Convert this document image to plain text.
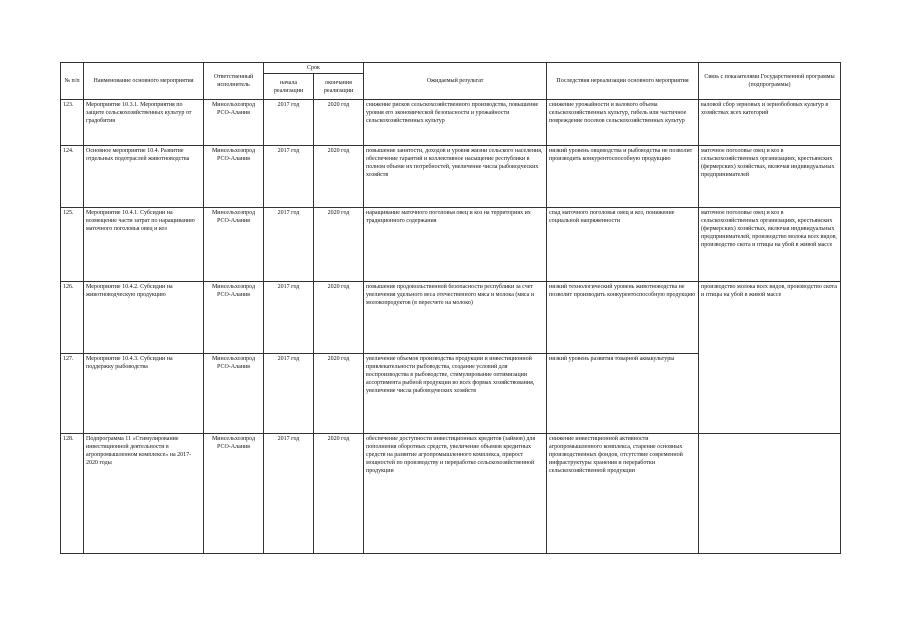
№ п/п	Наименование основного мероприятия	Ответственный исполнитель	Срок		Ожидаемый результат	Последствия нереализации основного мероприятия	Связь с показателями Государственной программы (подпрограммы)
			начала реализации	окончания реализации			
123.	Мероприятие 10.3.1. Мероприятия по защите сельскохозяйственных культур от градобития	Минсельхозпрод РСО-Алания	2017 год	2020 год	снижение рисков сельскохозяйственного производства, повышение уровня его экономической безопасности и урожайности сельскохозяйственных культур	снижение урожайности и валового объема сельскохозяйственных культур, гибель или частичное повреждение посевов сельскохозяйственных культур	валовой сбор зерновых и зернобобовых культур в хозяйствах всех категорий
124.	Основное мероприятие 10.4. Развитие отдельных подотраслей животноводства	Минсельхозпрод РСО-Алания	2017 год	2020 год	повышение занятости, доходов и уровня жизни сельского населения, обеспечение гарантий и коллективное насыщение республики в полном объеме их потребностей, увеличение числа рыбоводческих хозяйств	низкий уровень овцеводства и рыбоводства не позволит производить конкурентоспособную продукцию	маточное поголовье овец и коз в сельскохозяйственных организациях, крестьянских (фермерских) хозяйствах, включая индивидуальных предпринимателей
125.	Мероприятие 10.4.1. Субсидии на возмещение части затрат по наращиванию маточного поголовья овец и коз	Минсельхозпрод РСО-Алания	2017 год	2020 год	наращивание маточного поголовья овец и коз на территориях их традиционного содержания	спад маточного поголовья овец и коз, понижение социальной напряженности	маточное поголовье овец и коз в сельскохозяйственных организациях, крестьянских (фермерских) хозяйствах, включая индивидуальных предпринимателей, производство молока всех видов, производство скота и птицы на убой в живой массе
126.	Мероприятие 10.4.2. Субсидии на животноводческую продукцию	Минсельхозпрод РСО-Алания	2017 год	2020 год	повышение продовольственной безопасности республики за счет увеличения удельного веса отечественного мяса и молока (мяса и молокопродуктов (в пересчете на молоко)	низкий технологический уровень животноводства не позволит производить конкурентоспособную продукцию	производство молока всех видов, производство скота и птицы на убой в живой массе
127.	Мероприятие 10.4.3. Субсидии на поддержку рыбоводства	Минсельхозпрод РСО-Алания	2017 год	2020 год	увеличение объемов производства продукции и инвестиционной привлекательности рыбоводства, создание условий для воспроизводства в рыбоводстве, стимулирование оптимизации ассортимента рыбной продукции во всех формах хозяйствования, увеличение числа рыбоводческих хозяйств	низкий уровень развития товарной аквакультуры	
128.	Подпрограмма 11 «Стимулирование инвестиционной деятельности в агропромышленном комплексе» на 2017-2020 годы	Минсельхозпрод РСО-Алания	2017 год	2020 год	обеспечение доступности инвестиционных кредитов (займов) для пополнения оборотных средств, увеличение объемов кредитных средств на развитие агропромышленного комплекса, прирост мощностей по производству и переработке сельскохозяйственной продукции	снижение инвестиционной активности агропромышленного комплекса, старение основных производственных фондов, отсутствие современной инфраструктуры хранения и переработки сельскохозяйственной продукции	
